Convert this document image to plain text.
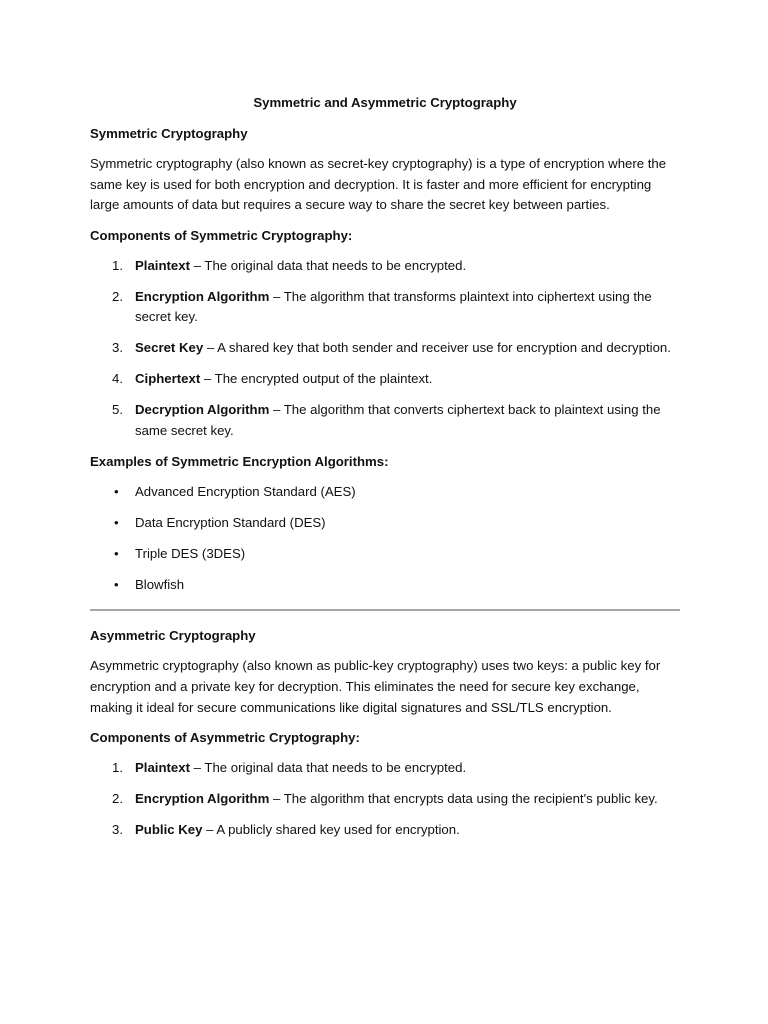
Symmetric and Asymmetric Cryptography
Symmetric Cryptography

Symmetric cryptography (also known as secret-key cryptography) is a type of encryption where the same key is used for both encryption and decryption. It is faster and more efficient for encrypting large amounts of data but requires a secure way to share the secret key between parties.

Components of Symmetric Cryptography:
1. Plaintext – The original data that needs to be encrypted.
2. Encryption Algorithm – The algorithm that transforms plaintext into ciphertext using the secret key.
3. Secret Key – A shared key that both sender and receiver use for encryption and decryption.
4. Ciphertext – The encrypted output of the plaintext.
5. Decryption Algorithm – The algorithm that converts ciphertext back to plaintext using the same secret key.
Examples of Symmetric Encryption Algorithms:
• Advanced Encryption Standard (AES)
• Data Encryption Standard (DES)
• Triple DES (3DES)
• Blowfish
Asymmetric Cryptography

Asymmetric cryptography (also known as public-key cryptography) uses two keys: a public key for encryption and a private key for decryption. This eliminates the need for secure key exchange, making it ideal for secure communications like digital signatures and SSL/TLS encryption.

Components of Asymmetric Cryptography:
1. Plaintext – The original data that needs to be encrypted.
2. Encryption Algorithm – The algorithm that encrypts data using the recipient's public key.
3. Public Key – A publicly shared key used for encryption.
